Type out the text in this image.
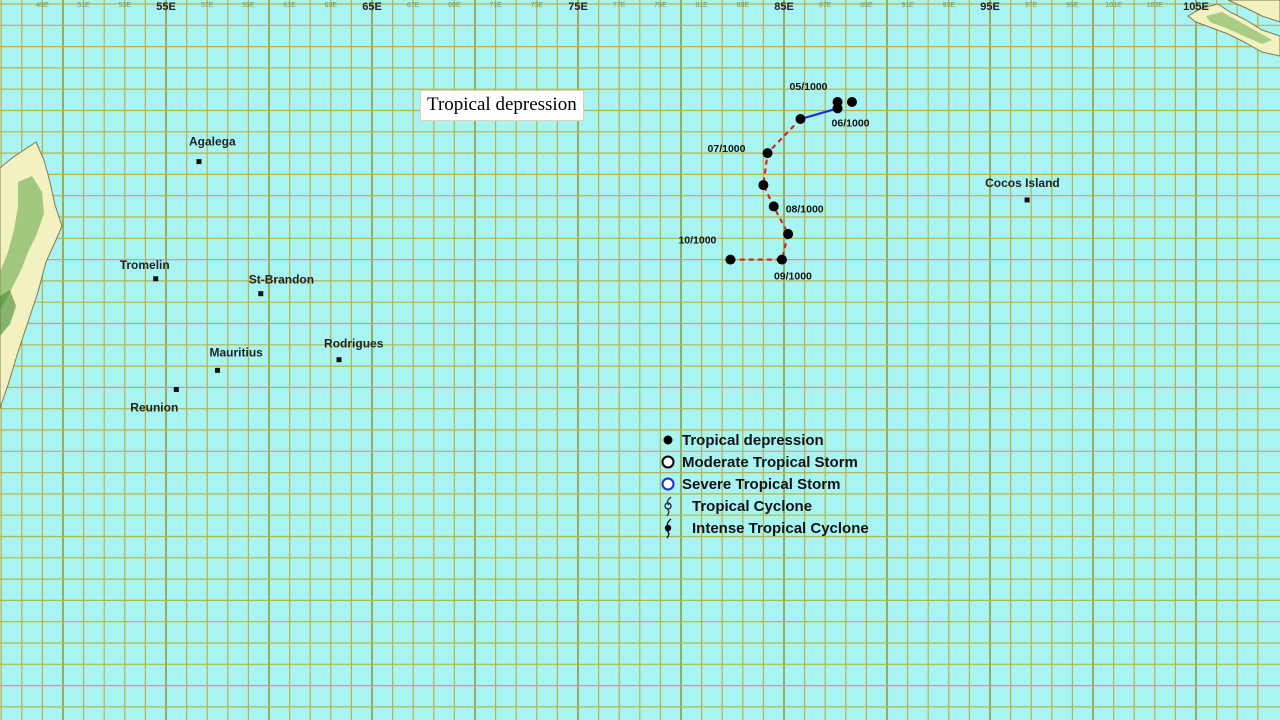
49E	51E	53E 55E	57E	59E	61E	63E 65E	67E	69E	71E	73E 75E	77E	79E	81E	83E 85E	87E	89E	91E	93E 95E	97E	99E	101E	103E 105E
Agalega
Tromelin
St-Brandon
Mauritius
Rodrigues
Reunion
Cocos Island
05/1000
06/1000
07/1000
08/1000
09/1000
10/1000
Tropical depression
Moderate Tropical Storm
Severe Tropical Storm
Tropical Cyclone
Intense Tropical Cyclone
Tropical depression
